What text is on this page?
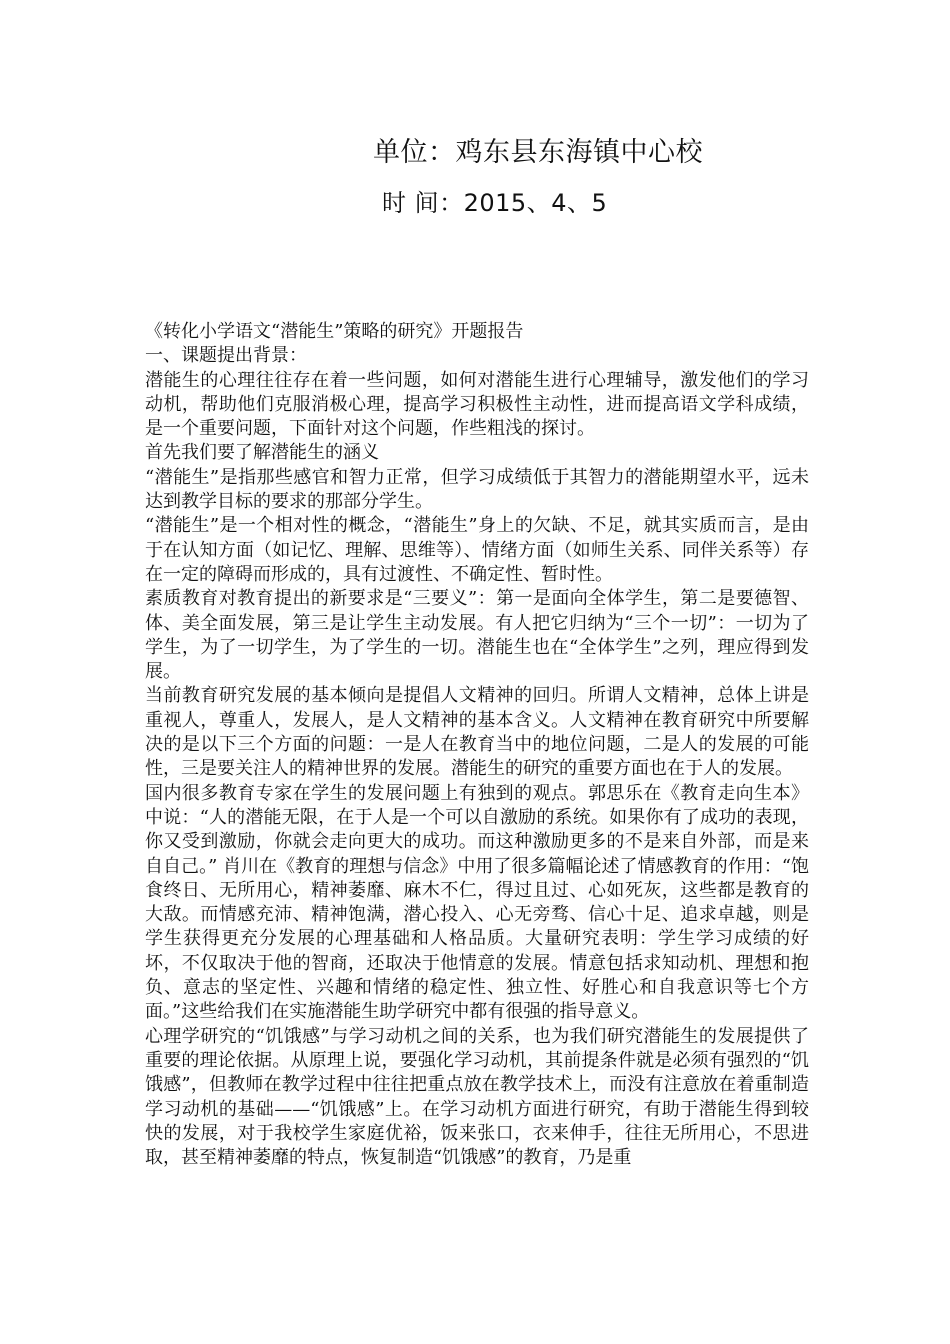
单位：鸡东县东海镇中心校
时 间：2015、4、5

《转化小学语文“潜能生”策略的研究》开题报告

一、课题提出背景：

潜能生的心理往往存在着一些问题，如何对潜能生进行心理辅导，激发他们的学习动机，帮助他们克服消极心理，提高学习积极性主动性，进而提高语文学科成绩，是一个重要问题，下面针对这个问题，作些粗浅的探讨。

首先我们要了解潜能生的涵义

“潜能生”是指那些感官和智力正常，但学习成绩低于其智力的潜能期望水平，远未达到教学目标的要求的那部分学生。

“潜能生”是一个相对性的概念，“潜能生”身上的欠缺、不足，就其实质而言，是由于在认知方面（如记忆、理解、思维等）、情绪方面（如师生关系、同伴关系等）存在一定的障碍而形成的，具有过渡性、不确定性、暂时性。

素质教育对教育提出的新要求是“三要义”：第一是面向全体学生，第二是要德智、体、美全面发展，第三是让学生主动发展。有人把它归纳为“三个一切”：一切为了学生，为了一切学生，为了学生的一切。潜能生也在“全体学生”之列，理应得到发展。

当前教育研究发展的基本倾向是提倡人文精神的回归。所谓人文精神，总体上讲是重视人，尊重人，发展人，是人文精神的基本含义。人文精神在教育研究中所要解决的是以下三个方面的问题：一是人在教育当中的地位问题，二是人的发展的可能性，三是要关注人的精神世界的发展。潜能生的研究的重要方面也在于人的发展。

国内很多教育专家在学生的发展问题上有独到的观点。郭思乐在《教育走向生本》中说：“人的潜能无限，在于人是一个可以自激励的系统。如果你有了成功的表现，你又受到激励，你就会走向更大的成功。而这种激励更多的不是来自外部，而是来自自己。” 肖川在《教育的理想与信念》中用了很多篇幅论述了情感教育的作用：“饱食终日、无所用心，精神萎靡、麻木不仁，得过且过、心如死灰，这些都是教育的大敌。而情感充沛、精神饱满，潜心投入、心无旁骛、信心十足、追求卓越，则是学生获得更充分发展的心理基础和人格品质。大量研究表明：学生学习成绩的好坏，不仅取决于他的智商，还取决于他情意的发展。情意包括求知动机、理想和抱负、意志的坚定性、兴趣和情绪的稳定性、独立性、好胜心和自我意识等七个方面。”这些给我们在实施潜能生助学研究中都有很强的指导意义。

心理学研究的“饥饿感”与学习动机之间的关系，也为我们研究潜能生的发展提供了重要的理论依据。从原理上说，要强化学习动机，其前提条件就是必须有强烈的“饥饿感”，但教师在教学过程中往往把重点放在教学技术上，而没有注意放在着重制造学习动机的基础——“饥饿感”上。在学习动机方面进行研究，有助于潜能生得到较快的发展，对于我校学生家庭优裕，饭来张口，衣来伸手，往往无所用心，不思进取，甚至精神萎靡的特点，恢复制造“饥饿感”的教育，乃是重
